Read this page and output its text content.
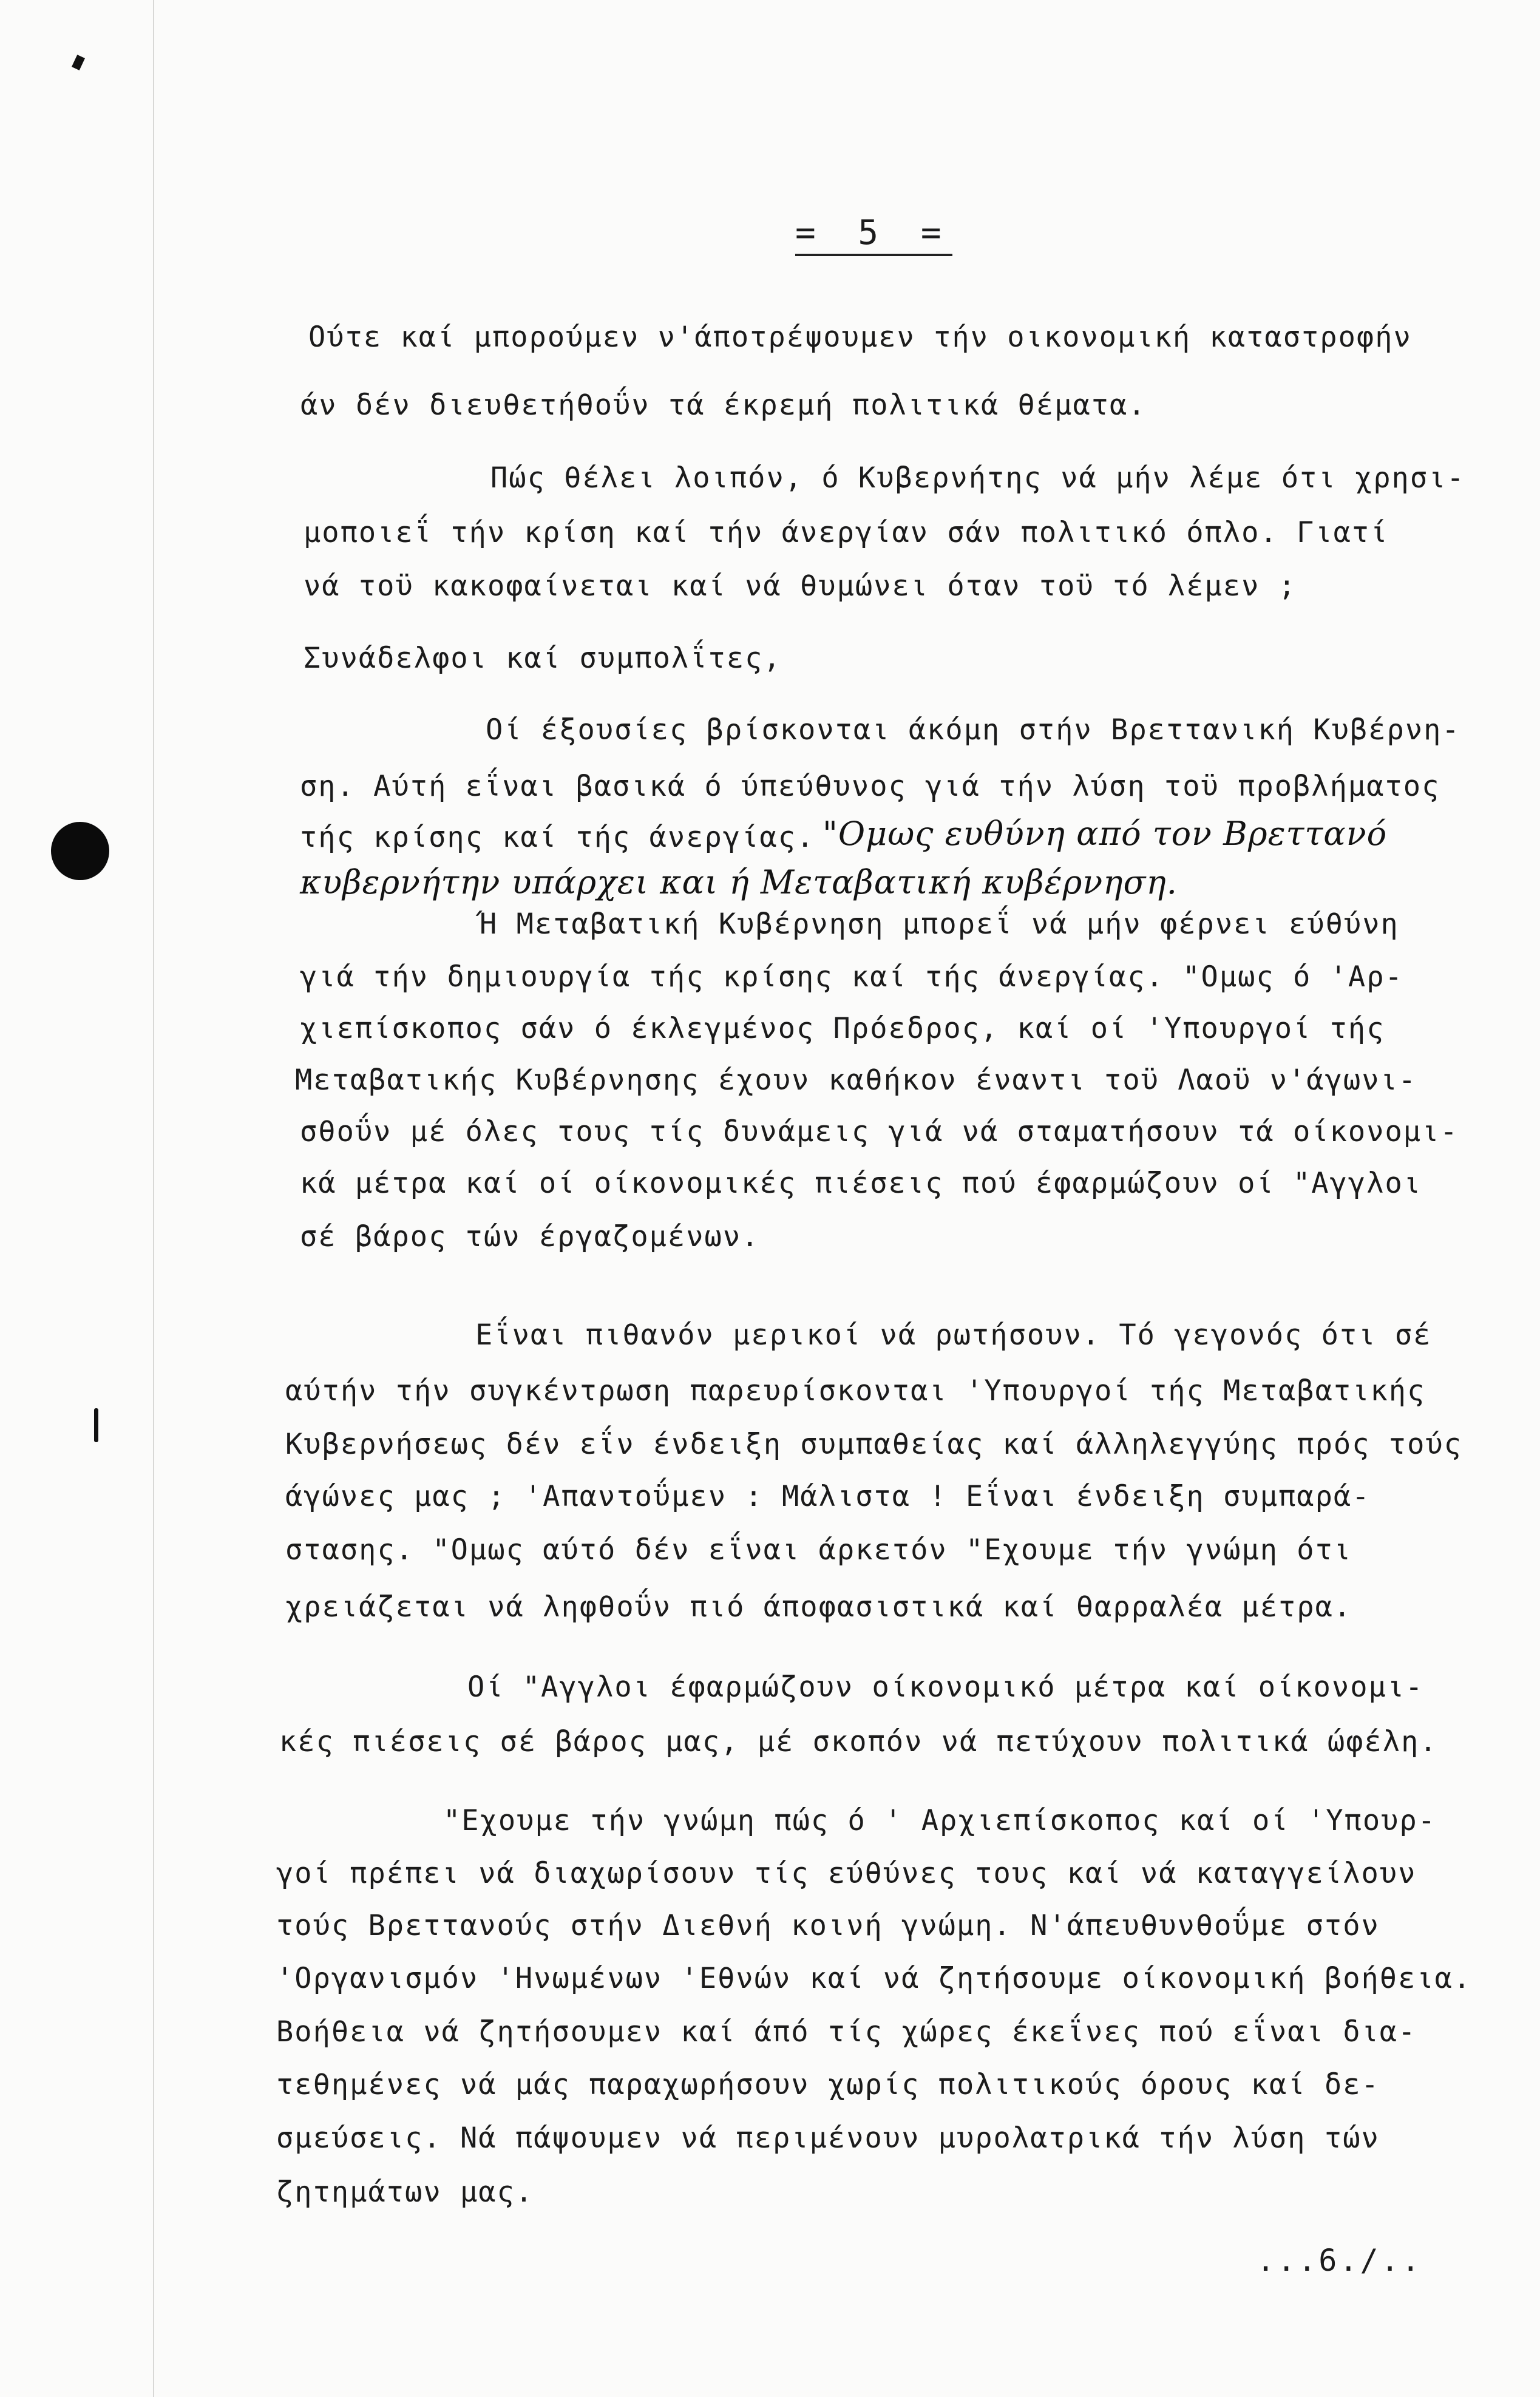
= 5 =
Ούτε καί μπορούμεν ν'άποτρέψουμεν τήν οικονομική καταστροφήν
άν δέν διευθετήθοΰν τά έκρεμή πολιτικά θέματα.
Πώς θέλει λοιπόν, ό Κυβερνήτης νά μήν λέμε ότι χρησι-
μοποιεΐ τήν κρίση καί τήν άνεργίαν σάν πολιτικό όπλο. Γιατί
νά τοϋ κακοφαίνεται καί νά θυμώνει όταν τοϋ τό λέμεν ;
Συνάδελφοι καί συμπολΐτες,
Οί έξουσίες βρίσκονται άκόμη στήν Βρεττανική Κυβέρνη-
ση. Αύτή εΐναι βασικά ό ύπεύθυνος γιά τήν λύση τοϋ προβλήματος
τής κρίσης καί τής άνεργίας. "Ομως ευθύνη από τον Βρεττανό
κυβερνήτην υπάρχει και ή Μεταβατική κυβέρνηση.
Ή Μεταβατική Κυβέρνηση μπορεΐ νά μήν φέρνει εύθύνη
γιά τήν δημιουργία τής κρίσης καί τής άνεργίας. "Ομως ό 'Αρ-
χιεπίσκοπος σάν ό έκλεγμένος Πρόεδρος, καί οί 'Υπουργοί τής
Μεταβατικής Κυβέρνησης έχουν καθήκον έναντι τοϋ Λαοϋ ν'άγωνι-
σθοΰν μέ όλες τους τίς δυνάμεις γιά νά σταματήσουν τά οίκονομι-
κά μέτρα καί οί οίκονομικές πιέσεις πού έφαρμώζουν οί "Αγγλοι
σέ βάρος τών έργαζομένων.
Εΐναι πιθανόν μερικοί νά ρωτήσουν. Τό γεγονός ότι σέ
αύτήν τήν συγκέντρωση παρευρίσκονται 'Υπουργοί τής Μεταβατικής
Κυβερνήσεως δέν εΐν ένδειξη συμπαθείας καί άλληλεγγύης πρός τούς
άγώνες μας ; 'Απαντοΰμεν : Μάλιστα ! Εΐναι ένδειξη συμπαρά-
στασης. "Ομως αύτό δέν εΐναι άρκετόν "Εχουμε τήν γνώμη ότι
χρειάζεται νά ληφθοΰν πιό άποφασιστικά καί θαρραλέα μέτρα.
Οί "Αγγλοι έφαρμώζουν οίκονομικό μέτρα καί οίκονομι-
κές πιέσεις σέ βάρος μας, μέ σκοπόν νά πετύχουν πολιτικά ώφέλη.
"Εχουμε τήν γνώμη πώς ό ' Αρχιεπίσκοπος καί οί 'Υπουρ-
γοί πρέπει νά διαχωρίσουν τίς εύθύνες τους καί νά καταγγείλουν
τούς Βρεττανούς στήν Διεθνή κοινή γνώμη. Ν'άπευθυνθοΰμε στόν
'Οργανισμόν 'Ηνωμένων 'Εθνών καί νά ζητήσουμε οίκονομική βοήθεια.
Βοήθεια νά ζητήσουμεν καί άπό τίς χώρες έκεΐνες πού εΐναι δια-
τεθημένες νά μάς παραχωρήσουν χωρίς πολιτικούς όρους καί δε-
σμεύσεις. Νά πάψουμεν νά περιμένουν μυρολατρικά τήν λύση τών
ζητημάτων μας.
...6./..
